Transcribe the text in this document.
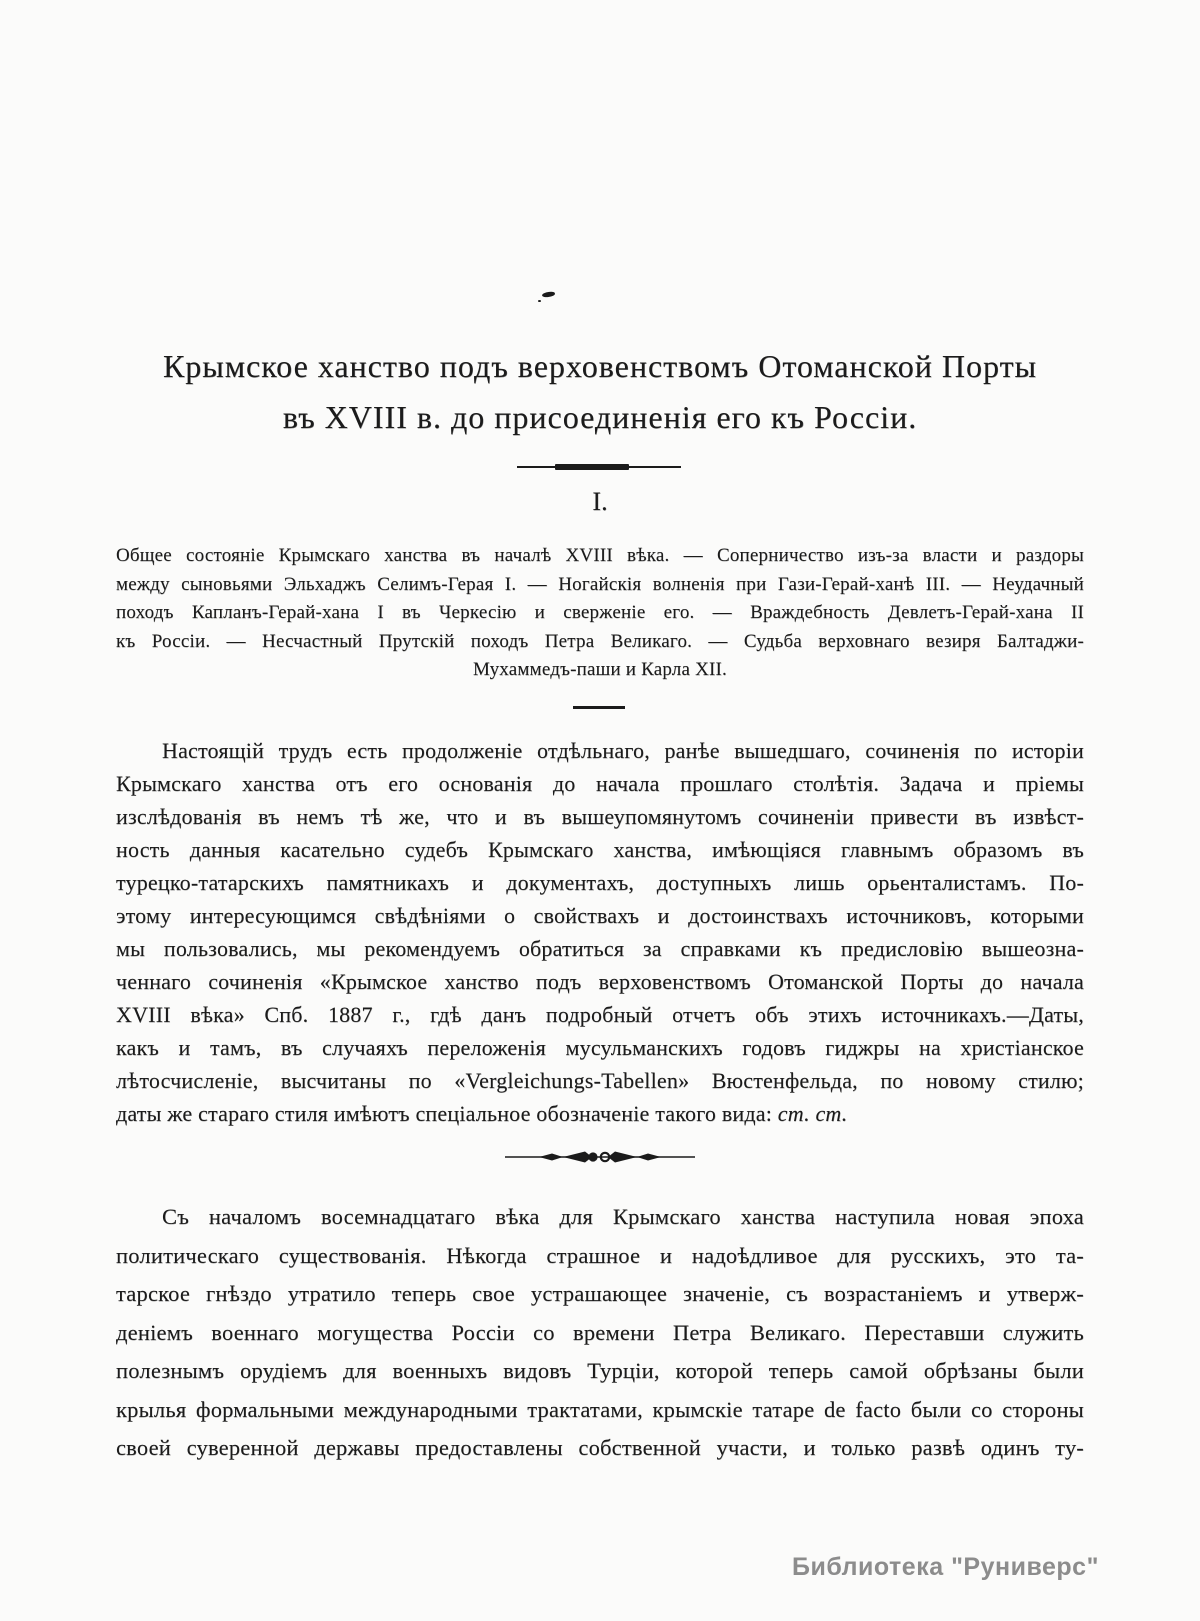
Крымское ханство подъ верховенствомъ Отоманской Порты
въ XVIII в. до присоединенія его къ Россіи.
I.
Общее состояніе Крымскаго ханства въ началѣ XVIII вѣка. — Соперничество изъ-за власти и раздоры
между сыновьями Эльхаджъ Селимъ-Герая I. — Ногайскія волненія при Гази-Герай-ханѣ III. — Неудачный
походъ Капланъ-Герай-хана I въ Черкесію и сверженіе его. — Враждебность Девлетъ-Герай-хана II
къ Россіи. — Несчастный Прутскій походъ Петра Великаго. — Судьба верховнаго везиря Балтаджи-
Мухаммедъ-паши и Карла XII.
Настоящій трудъ есть продолженіе отдѣльнаго, ранѣе вышедшаго, сочиненія по исторіи
Крымскаго ханства отъ его основанія до начала прошлаго столѣтія. Задача и пріемы
изслѣдованія въ немъ тѣ же, что и въ вышеупомянутомъ сочиненіи привести въ извѣст-
ность данныя касательно судебъ Крымскаго ханства, имѣющіяся главнымъ образомъ въ
турецко-татарскихъ памятникахъ и документахъ, доступныхъ лишь орьенталистамъ. По-
этому интересующимся свѣдѣніями о свойствахъ и достоинствахъ источниковъ, которыми
мы пользовались, мы рекомендуемъ обратиться за справками къ предисловію вышеозна-
ченнаго сочиненія «Крымское ханство подъ верховенствомъ Отоманской Порты до начала
XVIII вѣка» Спб. 1887 г., гдѣ данъ подробный отчетъ объ этихъ источникахъ.—Даты,
какъ и тамъ, въ случаяхъ переложенія мусульманскихъ годовъ гиджры на христіанское
лѣтосчисленіе, высчитаны по «Vergleichungs-Tabellen» Вюстенфельда, по новому стилю;
даты же стараго стиля имѣютъ спеціальное обозначеніе такого вида: ст. ст.
Съ началомъ восемнадцатаго вѣка для Крымскаго ханства наступила новая эпоха
политическаго существованія. Нѣкогда страшное и надоѣдливое для русскихъ, это та-
тарское гнѣздо утратило теперь свое устрашающее значеніе, съ возрастаніемъ и утверж-
деніемъ военнаго могущества Россіи со времени Петра Великаго. Переставши служить
полезнымъ орудіемъ для военныхъ видовъ Турціи, которой теперь самой обрѣзаны были
крылья формальными международными трактатами, крымскіе татаре de facto были со стороны
своей суверенной державы предоставлены собственной участи, и только развѣ одинъ ту-
Библиотека "Руниверс"
